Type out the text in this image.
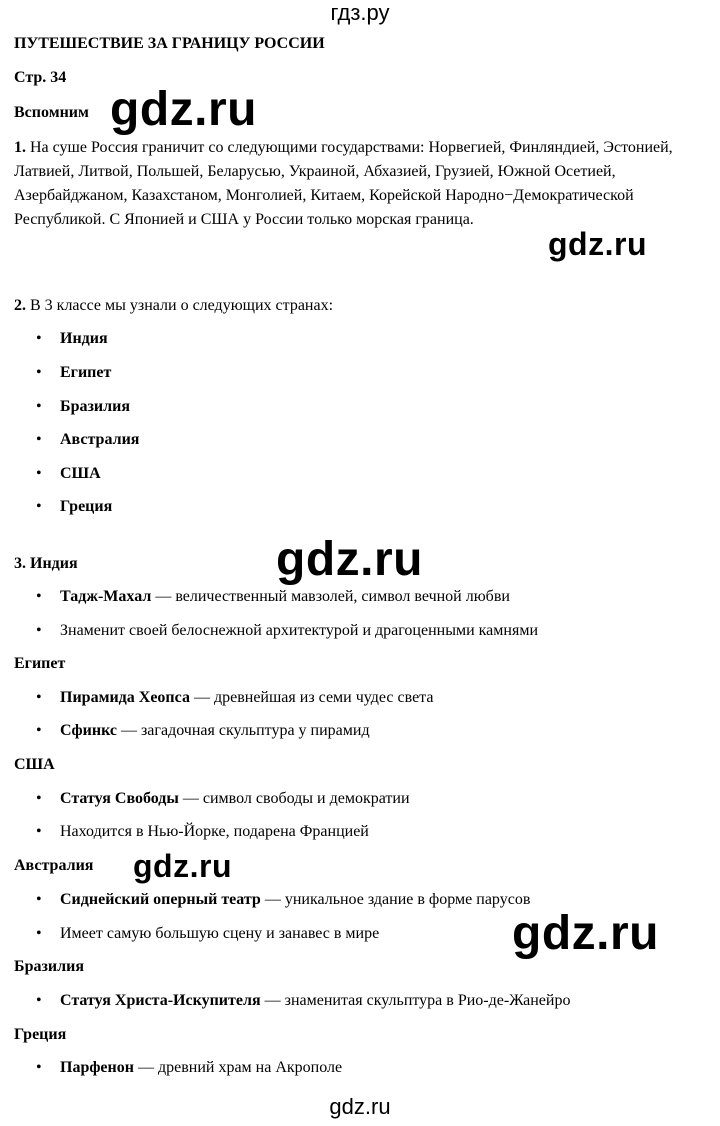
гдз.ру
ПУТЕШЕСТВИЕ ЗА ГРАНИЦУ РОССИИ
Стр. 34
Вспомним
1. На суше Россия граничит со следующими государствами: Норвегией, Финляндией, Эстонией, Латвией, Литвой, Польшей, Беларусью, Украиной, Абхазией, Грузией, Южной Осетией, Азербайджаном, Казахстаном, Монголией, Китаем, Корейской Народно−Демократической Республикой. С Японией и США у России только морская граница.
2. В 3 классе мы узнали о следующих странах:
• Индия
• Египет
• Бразилия
• Австралия
• США
• Греция
3. Индия
• Тадж-Махал — величественный мавзолей, символ вечной любви
• Знаменит своей белоснежной архитектурой и драгоценными камнями
Египет
• Пирамида Хеопса — древнейшая из семи чудес света
• Сфинкс — загадочная скульптура у пирамид
США
• Статуя Свободы — символ свободы и демократии
• Находится в Нью-Йорке, подарена Францией
Австралия
• Сиднейский оперный театр — уникальное здание в форме парусов
• Имеет самую большую сцену и занавес в мире
Бразилия
• Статуя Христа-Искупителя — знаменитая скульптура в Рио-де-Жанейро
Греция
• Парфенон — древний храм на Акрополе
gdz.ru
gdz.ru
gdz.ru
gdz.ru
gdz.ru
gdz.ru
